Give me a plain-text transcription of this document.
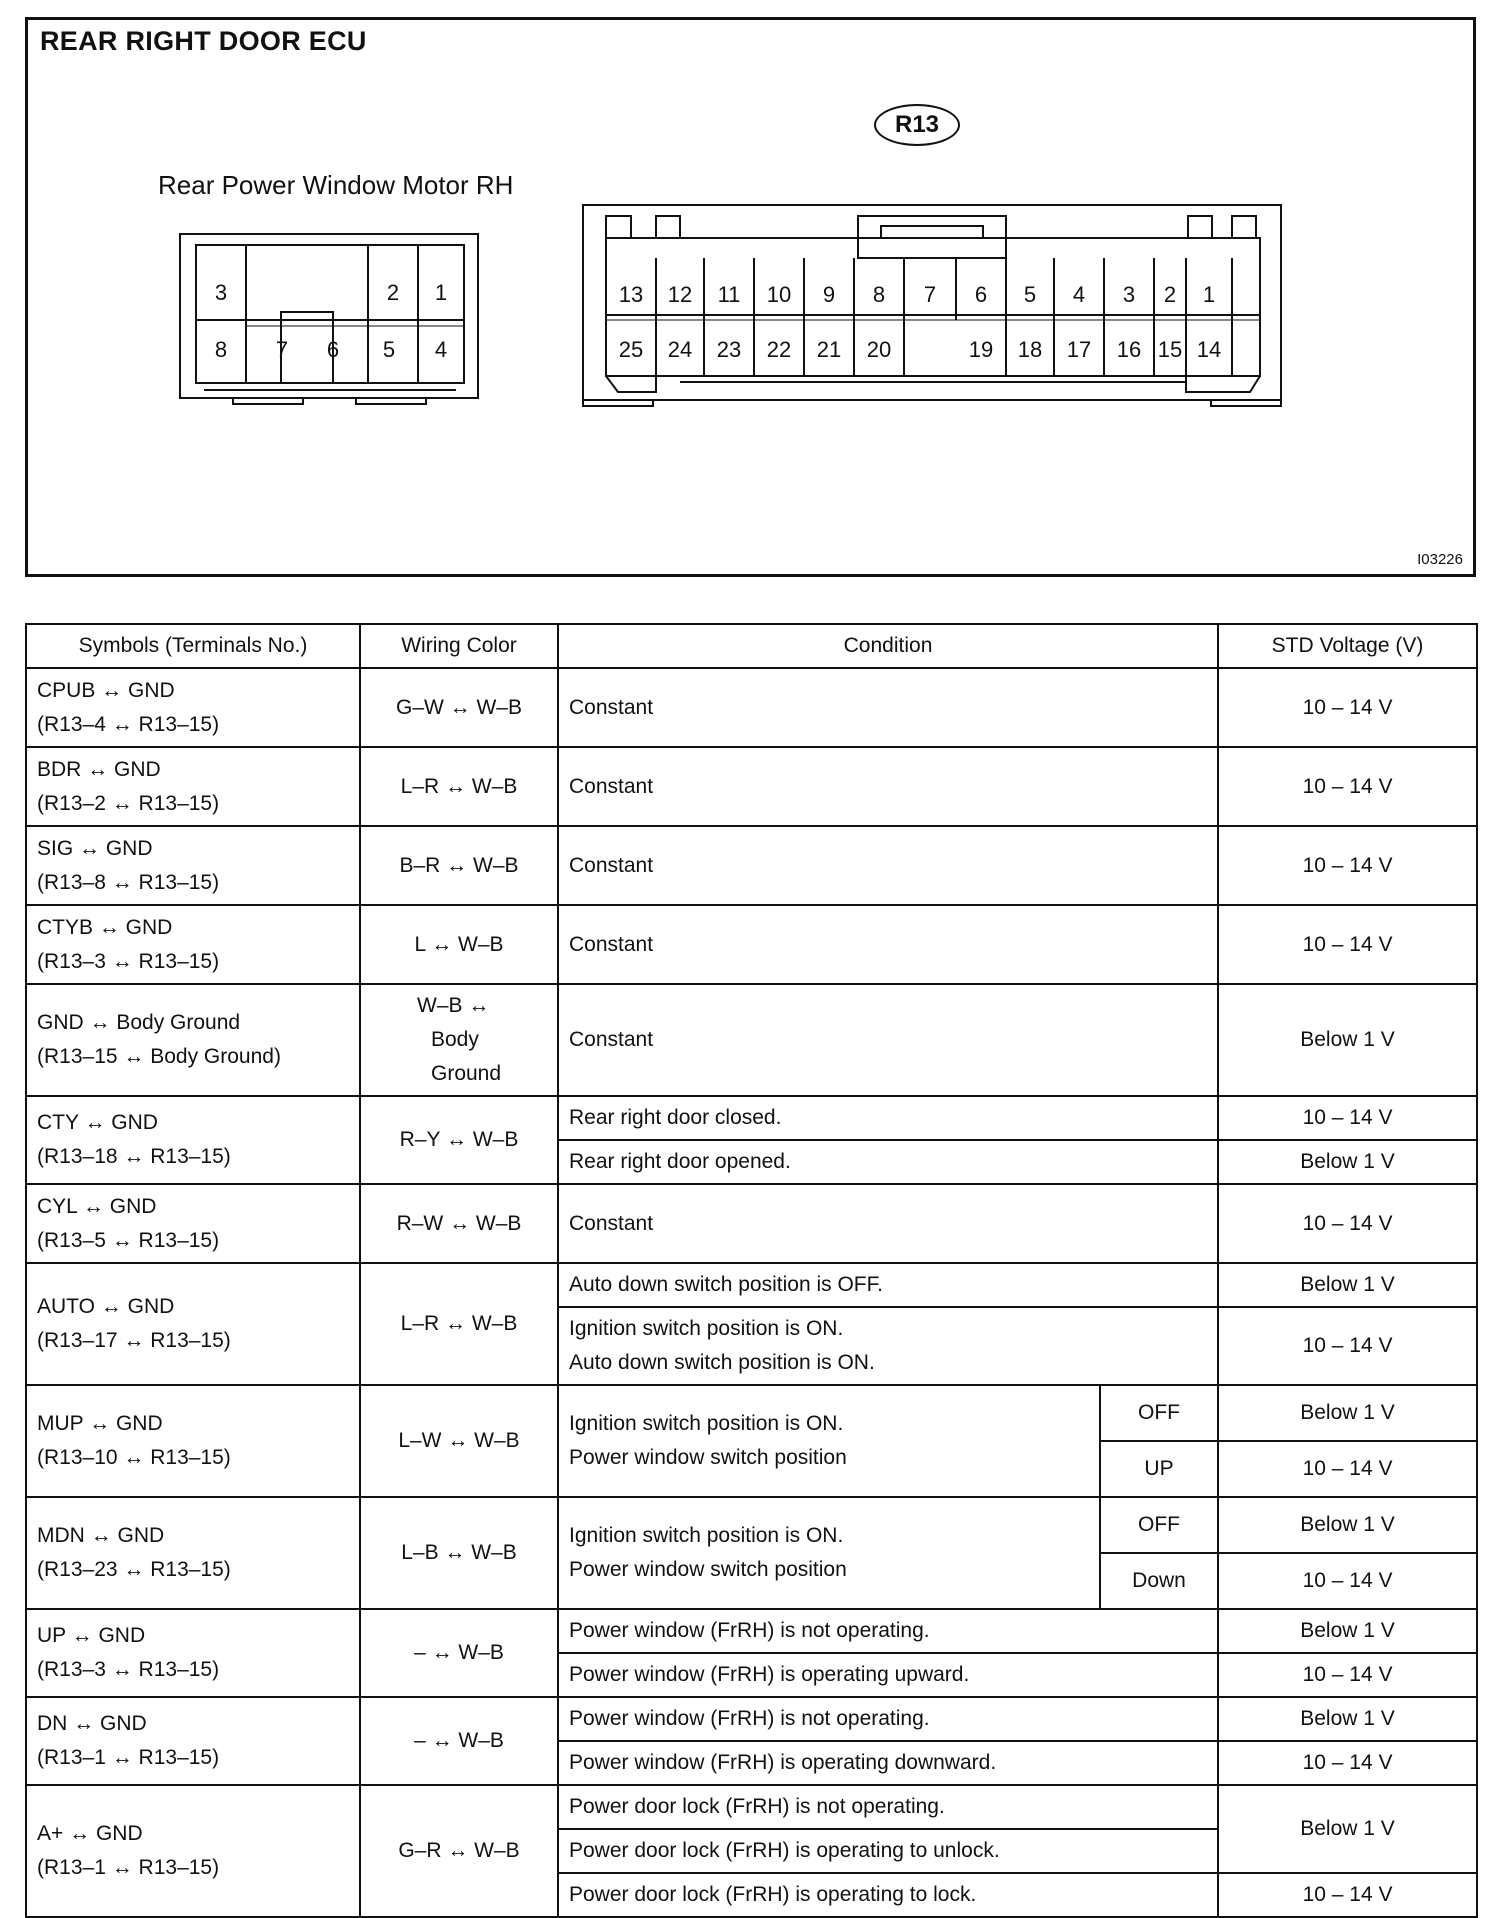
REAR RIGHT DOOR ECU
R13
Rear Power Window Motor RH
3	2 1
8 7 6 5 4
13 12 11 10 9 8 7 6 5 4 3 2 1
25 24 23 22 21 20	19 18 17 16 15 14
I03226
Symbols (Terminals No.)	Wiring Color	Condition		STD Voltage (V)

CPUB ↔ GND
(R13–4 ↔ R13–15)	G–W ↔ W–B	Constant		10 – 14 V

BDR ↔ GND
(R13–2 ↔ R13–15)	L–R ↔ W–B	Constant		10 – 14 V

SIG ↔ GND
(R13–8 ↔ R13–15)	B–R ↔ W–B	Constant		10 – 14 V

CTYB ↔ GND
(R13–3 ↔ R13–15)	L ↔ W–B	Constant		10 – 14 V

GND ↔ Body Ground
(R13–15 ↔ Body Ground)	W–B ↔
Body Ground	Constant		Below 1 V

CTY ↔ GND
(R13–18 ↔ R13–15)	R–Y ↔ W–B	Rear right door closed.		10 – 14 V
		Rear right door opened.		Below 1 V

CYL ↔ GND
(R13–5 ↔ R13–15)	R–W ↔ W–B	Constant		10 – 14 V

AUTO ↔ GND
(R13–17 ↔ R13–15)	L–R ↔ W–B	Auto down switch position is OFF.		Below 1 V

		Ignition switch position is ON.
Auto down switch position is ON.		10 – 14 V

MUP ↔ GND
(R13–10 ↔ R13–15)	L–W ↔ W–B	Ignition switch position is ON.
Power window switch position	OFF	Below 1 V
			UP	10 – 14 V

MDN ↔ GND
(R13–23 ↔ R13–15)	L–B ↔ W–B	Ignition switch position is ON.
Power window switch position	OFF	Below 1 V
			Down	10 – 14 V

UP ↔ GND
(R13–3 ↔ R13–15)	– ↔ W–B	Power window (FrRH) is not operating.		Below 1 V
		Power window (FrRH) is operating upward.		10 – 14 V

DN ↔ GND
(R13–1 ↔ R13–15)	– ↔ W–B	Power window (FrRH) is not operating.		Below 1 V
		Power window (FrRH) is operating downward.		10 – 14 V

A+ ↔ GND
(R13–1 ↔ R13–15)	G–R ↔ W–B	Power door lock (FrRH) is not operating.		Below 1 V
		Power door lock (FrRH) is operating to unlock.		
		Power door lock (FrRH) is operating to lock.		10 – 14 V
